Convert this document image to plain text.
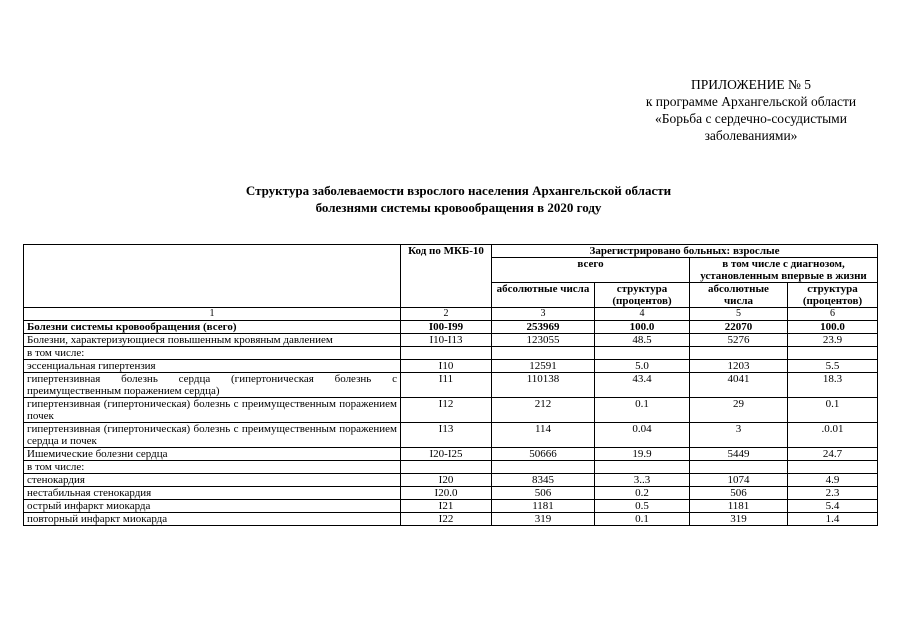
ПРИЛОЖЕНИЕ № 5
к программе Архангельской области
«Борьба с сердечно-сосудистыми
заболеваниями»
Структура заболеваемости взрослого населения Архангельской области
болезнями системы кровообращения в 2020 году
	Код по МКБ-10	Зарегистрировано больных: взрослые			
		всего		в том числе с диагнозом, установленным впервые в жизни	
		абсолютные числа	структура (процентов)	абсолютные числа	структура (процентов)
1	2	3	4	5	6
Болезни системы кровообращения (всего)	I00-I99	253969	100.0	22070	100.0
Болезни, характеризующиеся повышенным кровяным давлением	I10-I13	123055	48.5	5276	23.9
в том числе:					
эссенциальная гипертензия	I10	12591	5.0	1203	5.5
гипертензивная болезнь сердца (гипертоническая болезнь с преимущественным поражением сердца)	I11	110138	43.4	4041	18.3
гипертензивная (гипертоническая) болезнь с преимущественным поражением почек	I12	212	0.1	29	0.1
гипертензивная (гипертоническая) болезнь с преимущественным поражением сердца и почек	I13	114	0.04	3	.0.01
Ишемические болезни сердца	I20-I25	50666	19.9	5449	24.7
в том числе:					
стенокардия	I20	8345	3..3	1074	4.9
нестабильная стенокардия	I20.0	506	0.2	506	2.3
острый инфаркт миокарда	I21	1181	0.5	1181	5.4
повторный инфаркт миокарда	I22	319	0.1	319	1.4
